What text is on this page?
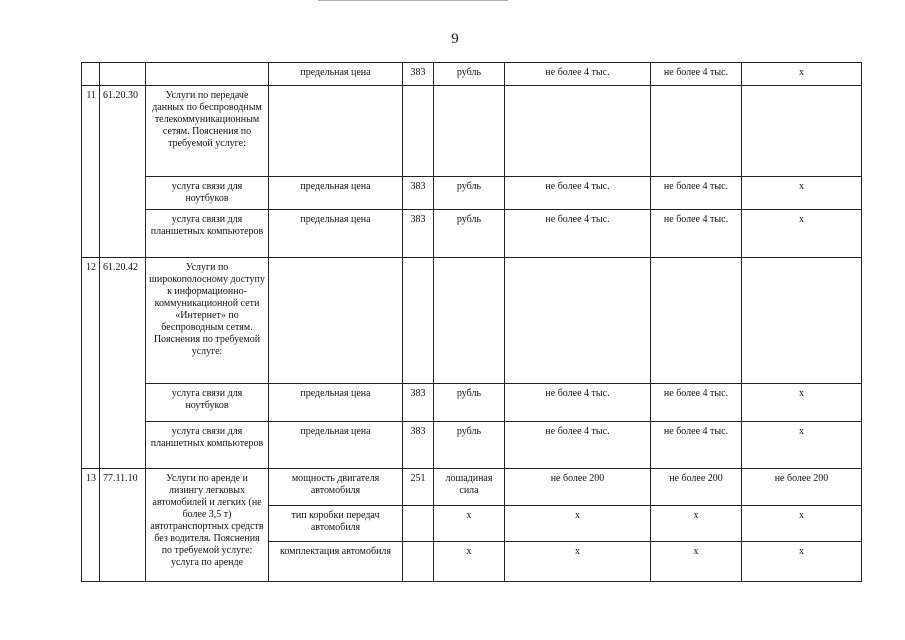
9
			предельная цена	383	рубль	не более 4 тыс.	не более 4 тыс.	х
11	61.20.30	Услуги по передаче данных по беспроводным телекоммуникационным сетям. Пояснения по требуемой услуге:						
		услуга связи для ноутбуков	предельная цена	383	рубль	не более 4 тыс.	не более 4 тыс.	х
		услуга связи для планшетных компьютеров	предельная цена	383	рубль	не более 4 тыс.	не более 4 тыс.	х
12	61.20.42	Услуги по широкополосному доступу к информационно-коммуникационной сети «Интернет» по беспроводным сетям. Пояснения по требуемой услуге:						
		услуга связи для ноутбуков	предельная цена	383	рубль	не более 4 тыс.	не более 4 тыс.	х
		услуга связи для планшетных компьютеров	предельная цена	383	рубль	не более 4 тыс.	не более 4 тыс.	х
13	77.11.10	Услуги по аренде и лизингу легковых автомобилей и легких (не более 3,5 т) автотранспортных средств без водителя. Пояснения по требуемой услуге: услуга по аренде	мощность двигателя автомобиля	251	лошадиная сила	не более 200	не более 200	не более 200
			тип коробки передач автомобиля		х	х	х	х
			комплектация автомобиля		х	х	х	х
